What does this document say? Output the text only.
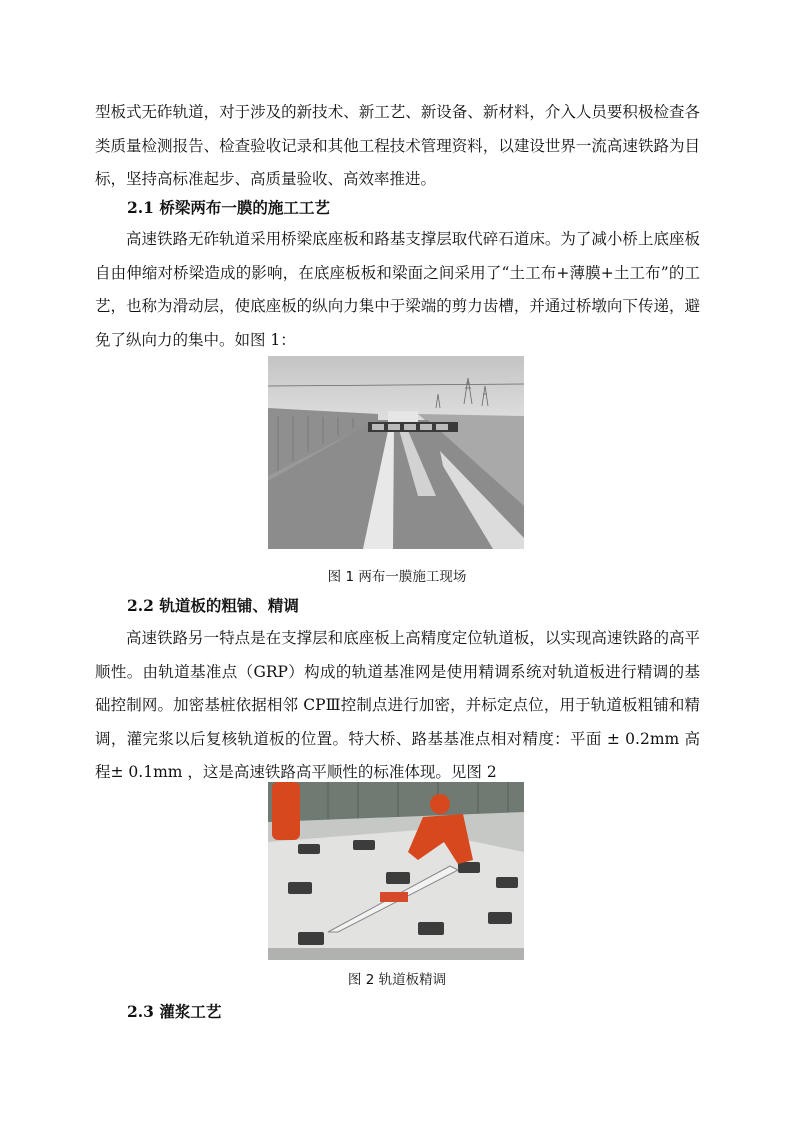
型板式无砟轨道，对于涉及的新技术、新工艺、新设备、新材料，介入人员要积极检查各类质量检测报告、检查验收记录和其他工程技术管理资料，以建设世界一流高速铁路为目标，坚持高标准起步、高质量验收、高效率推进。

2.1 桥梁两布一膜的施工工艺

高速铁路无砟轨道采用桥梁底座板和路基支撑层取代碎石道床。为了减小桥上底座板自由伸缩对桥梁造成的影响，在底座板板和梁面之间采用了“土工布+薄膜+土工布”的工艺，也称为滑动层，使底座板的纵向力集中于梁端的剪力齿槽，并通过桥墩向下传递，避免了纵向力的集中。如图 1：

图 1 两布一膜施工现场

2.2 轨道板的粗铺、精调

高速铁路另一特点是在支撑层和底座板上高精度定位轨道板，以实现高速铁路的高平顺性。由轨道基准点（GRP）构成的轨道基准网是使用精调系统对轨道板进行精调的基础控制网。加密基桩依据相邻 CPⅢ控制点进行加密，并标定点位，用于轨道板粗铺和精调，灌完浆以后复核轨道板的位置。特大桥、路基基准点相对精度：平面 ± 0.2mm 高程± 0.1mm ，这是高速铁路高平顺性的标准体现。见图 2

图 2 轨道板精调

2.3 灌浆工艺
